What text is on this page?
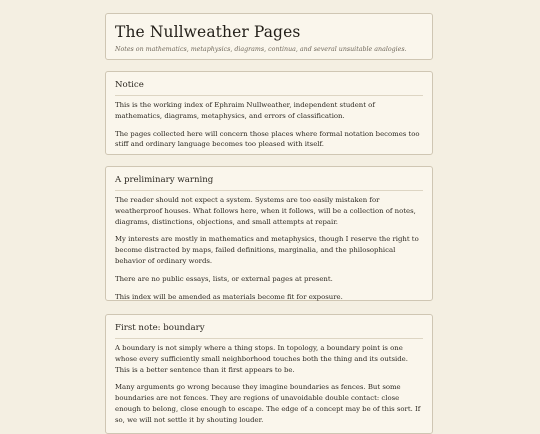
The Nullweather Pages
Notes on mathematics, metaphysics, diagrams, continua, and several unsuitable analogies.
Notice

This is the working index of Ephraim Nullweather, independent student of mathematics, diagrams, metaphysics, and errors of classification.

The pages collected here will concern those places where formal notation becomes too stiff and ordinary language becomes too pleased with itself.

A preliminary warning

The reader should not expect a system. Systems are too easily mistaken for weatherproof houses. What follows here, when it follows, will be a collection of notes, diagrams, distinctions, objections, and small attempts at repair.

My interests are mostly in mathematics and metaphysics, though I reserve the right to become distracted by maps, failed definitions, marginalia, and the philosophical behavior of ordinary words.

There are no public essays, lists, or external pages at present.

This index will be amended as materials become fit for exposure.

First note: boundary

A boundary is not simply where a thing stops. In topology, a boundary point is one whose every sufficiently small neighborhood touches both the thing and its outside. This is a better sentence than it first appears to be.

Many arguments go wrong because they imagine boundaries as fences. But some boundaries are not fences. They are regions of unavoidable double contact: close enough to belong, close enough to escape. The edge of a concept may be of this sort. If so, we will not settle it by shouting louder.
